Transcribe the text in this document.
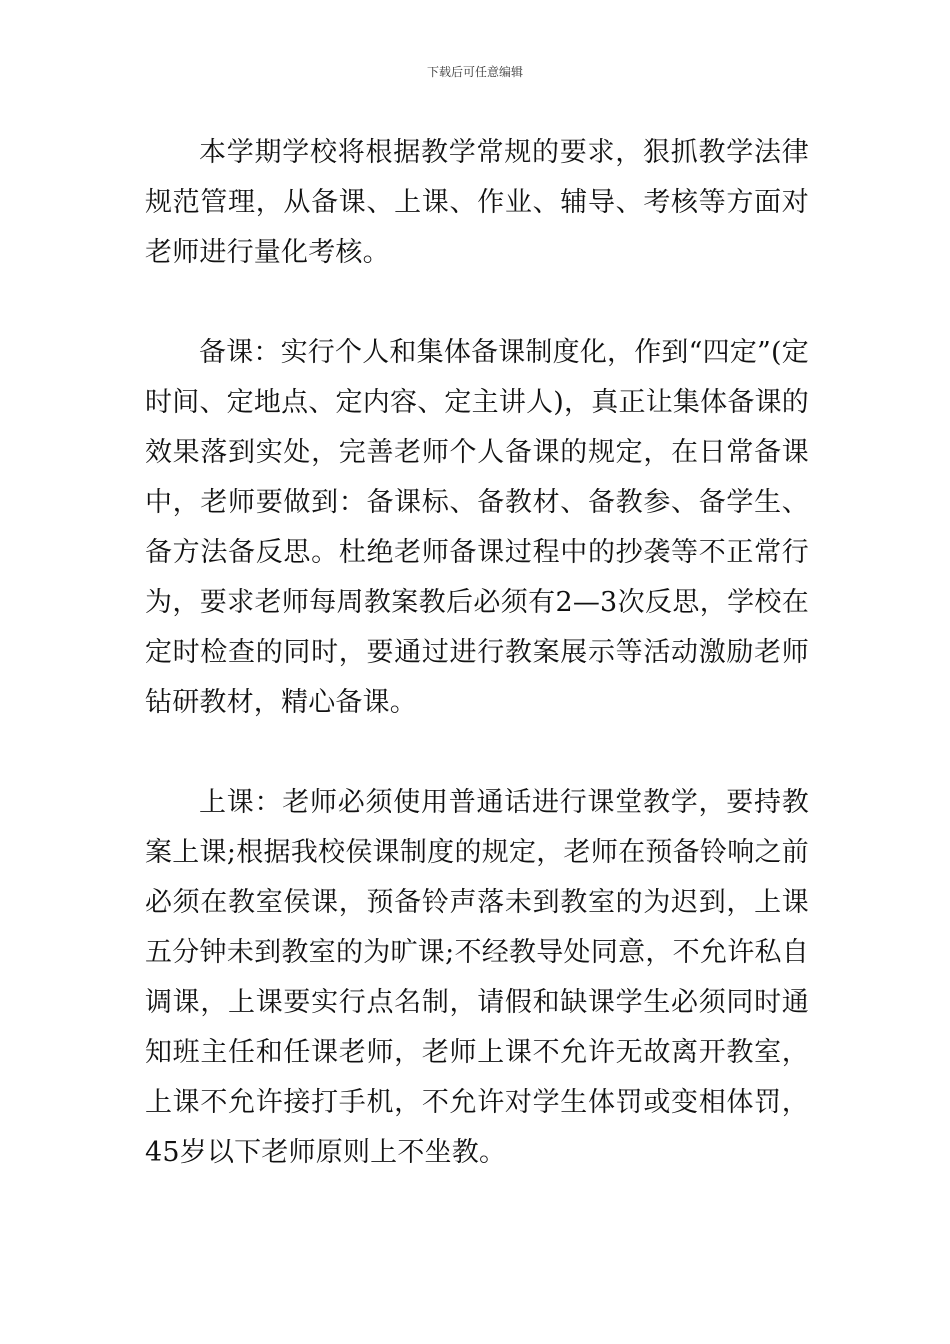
下载后可任意编辑

本学期学校将根据教学常规的要求，狠抓教学法律规范管理，从备课、上课、作业、辅导、考核等方面对老师进行量化考核。

备课：实行个人和集体备课制度化，作到“四定”(定时间、定地点、定内容、定主讲人)，真正让集体备课的效果落到实处，完善老师个人备课的规定，在日常备课中，老师要做到：备课标、备教材、备教参、备学生、备方法备反思。杜绝老师备课过程中的抄袭等不正常行为，要求老师每周教案教后必须有2—3次反思，学校在定时检查的同时，要通过进行教案展示等活动激励老师钻研教材，精心备课。

上课：老师必须使用普通话进行课堂教学，要持教案上课;根据我校侯课制度的规定，老师在预备铃响之前必须在教室侯课，预备铃声落未到教室的为迟到，上课五分钟未到教室的为旷课;不经教导处同意，不允许私自调课，上课要实行点名制，请假和缺课学生必须同时通知班主任和任课老师，老师上课不允许无故离开教室，上课不允许接打手机，不允许对学生体罚或变相体罚，45岁以下老师原则上不坐教。
